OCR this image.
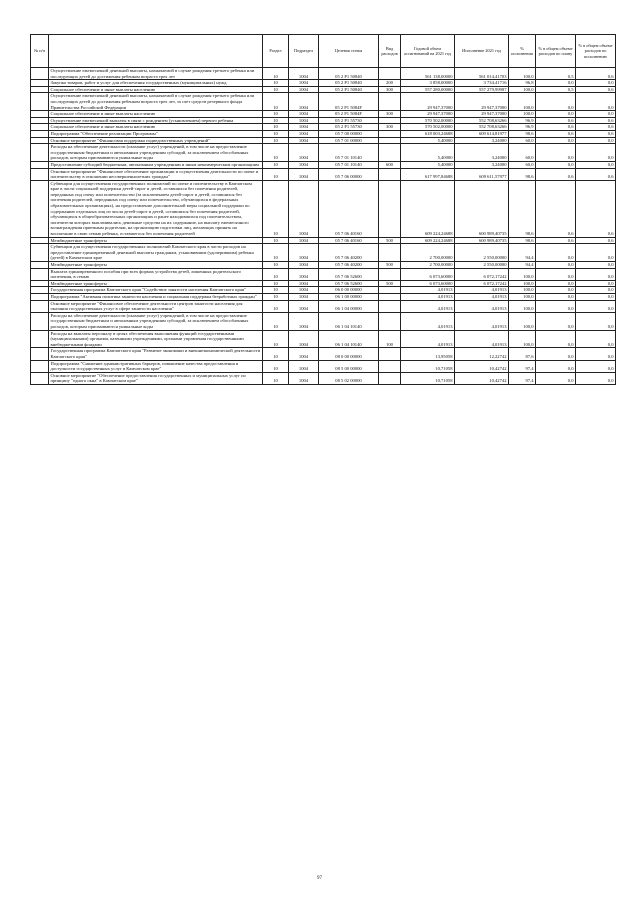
№ п/п		Раздел	Подраздел	Целевая статья	Вид расходов	Годовой объем ассигнований на 2021 год	Исполнение 2021 год	% исполнения	% в общем объеме расходов по плану	% в общем объеме расходов по исполнению
	Осуществление ежемесячной денежной выплаты, назначаемой в случае рождения третьего ребенка или последующих детей до достижения ребенком возраста трех лет	10	1004	05 2 P1 50840		561 138,00000	561 014,41703	100,0	0,5	0,6
	Закупка товаров, работ и услуг для обеспечения государственных (муниципальных) нужд	10	1004	05 2 P1 50840	200	3 858,00000	3 734,41716	96,8	0,0	0,0
	Социальное обеспечение и иные выплаты населению	10	1004	05 2 P1 50840	300	557 280,00000	557 279,99987	100,0	0,5	0,6
	Осуществление ежемесячной денежной выплаты, назначаемой в случае рождения третьего ребенка или последующих детей до достижения ребенком возраста трех лет, за счет средств резервного фонда Правительства Российской Федерации	10	1004	05 2 P1 5084F		29 947,37000	29 947,37000	100,0	0,0	0,0
	Социальное обеспечение и иные выплаты населению	10	1004	05 2 P1 5084F	300	29 947,37000	29 947,37000	100,0	0,0	0,0
	Осуществление ежемесячной выплаты в связи с рождением (усыновлением) первого ребенка	10	1004	05 2 P1 55730		570 502,00000	552 708,63266	96,9	0,6	0,6
	Социальное обеспечение и иные выплаты населению	10	1004	05 2 P1 55730	300	570 502,00000	552 708,63266	96,9	0,6	0,6
	Подпрограмма "Обеспечение реализации Программы"	10	1004	05 7 00 00000		618 003,24688	609 614,81977	98,6	0,6	0,6
	Основное мероприятие "Финансовая поддержка подведомственных учреждений"	10	1004	05 7 01 00000		5,40000	3,24000	60,0	0,0	0,0
	Расходы на обеспечение деятельности (оказание услуг) учреждений, в том числе на предоставление государственным бюджетным и автономным учреждениям субсидий, за исключением обособленных расходов, которым присваиваются уникальные коды	10	1004	05 7 01 10140		5,40000	3,24000	60,0	0,0	0,0
	Предоставление субсидий бюджетным, автономным учреждениям и иным некоммерческим организациям	10	1004	05 7 01 10140	600	5,40000	3,24000	60,0	0,0	0,0
	Основное мероприятие "Финансовое обеспечение организации и осуществления деятельности по опеке и попечительству в отношении несовершеннолетних граждан"	10	1004	05 7 06 00000		617 997,84688	609 611,57977	98,6	0,6	0,6
	Субвенции для осуществления государственных полномочий по опеке и попечительству в Камчатском крае в части социальной поддержки детей-сирот и детей, оставшихся без попечения родителей, переданных под опеку или попечительство (за исключением детей-сирот и детей, оставшихся без попечения родителей, переданных под опеку или попечительство, обучающихся в федеральных образовательных организациях), на предоставление дополнительной меры социальной поддержки по содержанию отдельных лиц из числа детей-сирот и детей, оставшихся без попечения родителей, обучающихся в общеобразовательных организациях и ранее находившихся под попечительством, попечители которых выплачивались денежные средства на их содержание, на выплату ежемесячного вознаграждения приемным родителям, на организацию подготовки лиц, желающих принять на воспитание в свою семью ребенка, оставшегося без попечения родителей	10	1004	05 7 06 40160		609 224,24688	600 989,40735	98,6	0,6	0,6
	Межбюджетные трансферты	10	1004	05 7 06 40160	500	609 224,24688	600 989,40735	98,6	0,6	0,6
	Субвенции для осуществления государственных полномочий Камчатского края в части расходов на предоставление единовременной денежной выплаты гражданам, усыновившим (удочерившим) ребенка (детей) в Камчатском крае	10	1004	05 7 06 40200		2 700,00000	2 550,00000	94,4	0,0	0,0
	Межбюджетные трансферты	10	1004	05 7 06 40200	500	2 700,00000	2 550,00000	94,4	0,0	0,0
	Выплата единовременного пособия при всех формах устройства детей, лишенных родительского попечения, в семью	10	1004	05 7 06 52600		6 073,60000	6 072,17242	100,0	0,0	0,0
	Межбюджетные трансферты	10	1004	05 7 06 52600	500	6 073,60000	6 072,17242	100,0	0,0	0,0
	Государственная программа Камчатского края "Содействие занятости населения Камчатского края"	10	1004	06 0 00 00000		4,01913	4,01913	100,0	0,0	0,0
	Подпрограмма "Активная политика занятости населения и социальная поддержка безработных граждан"	10	1004	06 1 00 00000		4,01913	4,01913	100,0	0,0	0,0
	Основное мероприятие "Финансовое обеспечение деятельности центров занятости населения для оказания государственных услуг в сфере занятости населения"	10	1004	06 1 04 00000		4,01913	4,01913	100,0	0,0	0,0
	Расходы на обеспечение деятельности (оказание услуг) учреждений, в том числе на предоставление государственным бюджетным и автономным учреждениям субсидий, за исключением обособленных расходов, которым присваиваются уникальные коды	10	1004	06 1 04 10140		4,01913	4,01913	100,0	0,0	0,0
	Расходы на выплаты персоналу в целях обеспечения выполнения функций государственными (муниципальными) органами, казенными учреждениями, органами управления государственными внебюджетными фондами	10	1004	06 1 04 10140	100	4,01913	4,01913	100,0	0,0	0,0
	Государственная программа Камчатского края "Развитие экономики и внешнеэкономической деятельности Камчатского края"	10	1004	08 0 00 00000		13,95058	12,22742	87,6	0,0	0,0
	Подпрограмма "Снижение административных барьеров, повышение качества предоставления и доступности государственных услуг в Камчатском крае"	10	1004	08 5 00 00000		10,71058	10,42742	97,4	0,0	0,0
	Основное мероприятие "Обеспечение предоставления государственных и муниципальных услуг по принципу "одного окна" в Камчатском крае"	10	1004	08 5 02 00000		10,71058	10,42742	97,4	0,0	0,0
97
